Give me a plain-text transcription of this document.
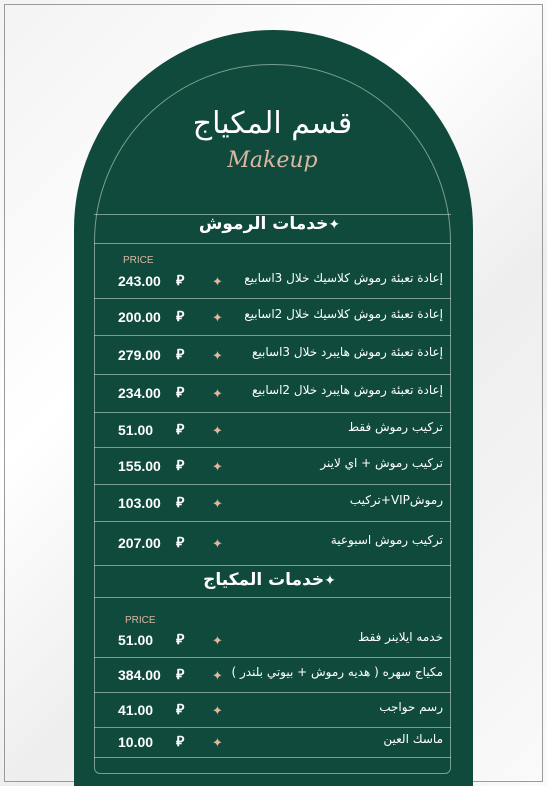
قسم المكياج
Makeup
✦خدمات الرموش
PRICE
243.00 ⃁ ✦ إعادة تعبئة رموش كلاسيك خلال 3اسابيع
200.00 ⃁ ✦ إعادة تعبئة رموش كلاسيك خلال 2اسابيع
279.00 ⃁ ✦ إعادة تعبئة رموش هايبرد خلال 3اسابيع
234.00 ⃁ ✦ إعادة تعبئة رموش هايبرد خلال 2اسابيع
51.00 ⃁ ✦	تركيب رموش فقط
155.00 ⃁ ✦	تركيب رموش + اي لاينر
103.00 ⃁ ✦	رموشVIP+تركيب
207.00 ⃁ ✦	تركيب رموش اسبوعية
✦خدمات المكياج
PRICE
51.00 ⃁ ✦	خدمه ايلاينر فقط
384.00 ⃁ ✦ مكياج سهره ( هديه رموش + بيوتي بلندر )
41.00 ⃁ ✦	رسم حواجب
10.00 ⃁ ✦	ماسك العين
